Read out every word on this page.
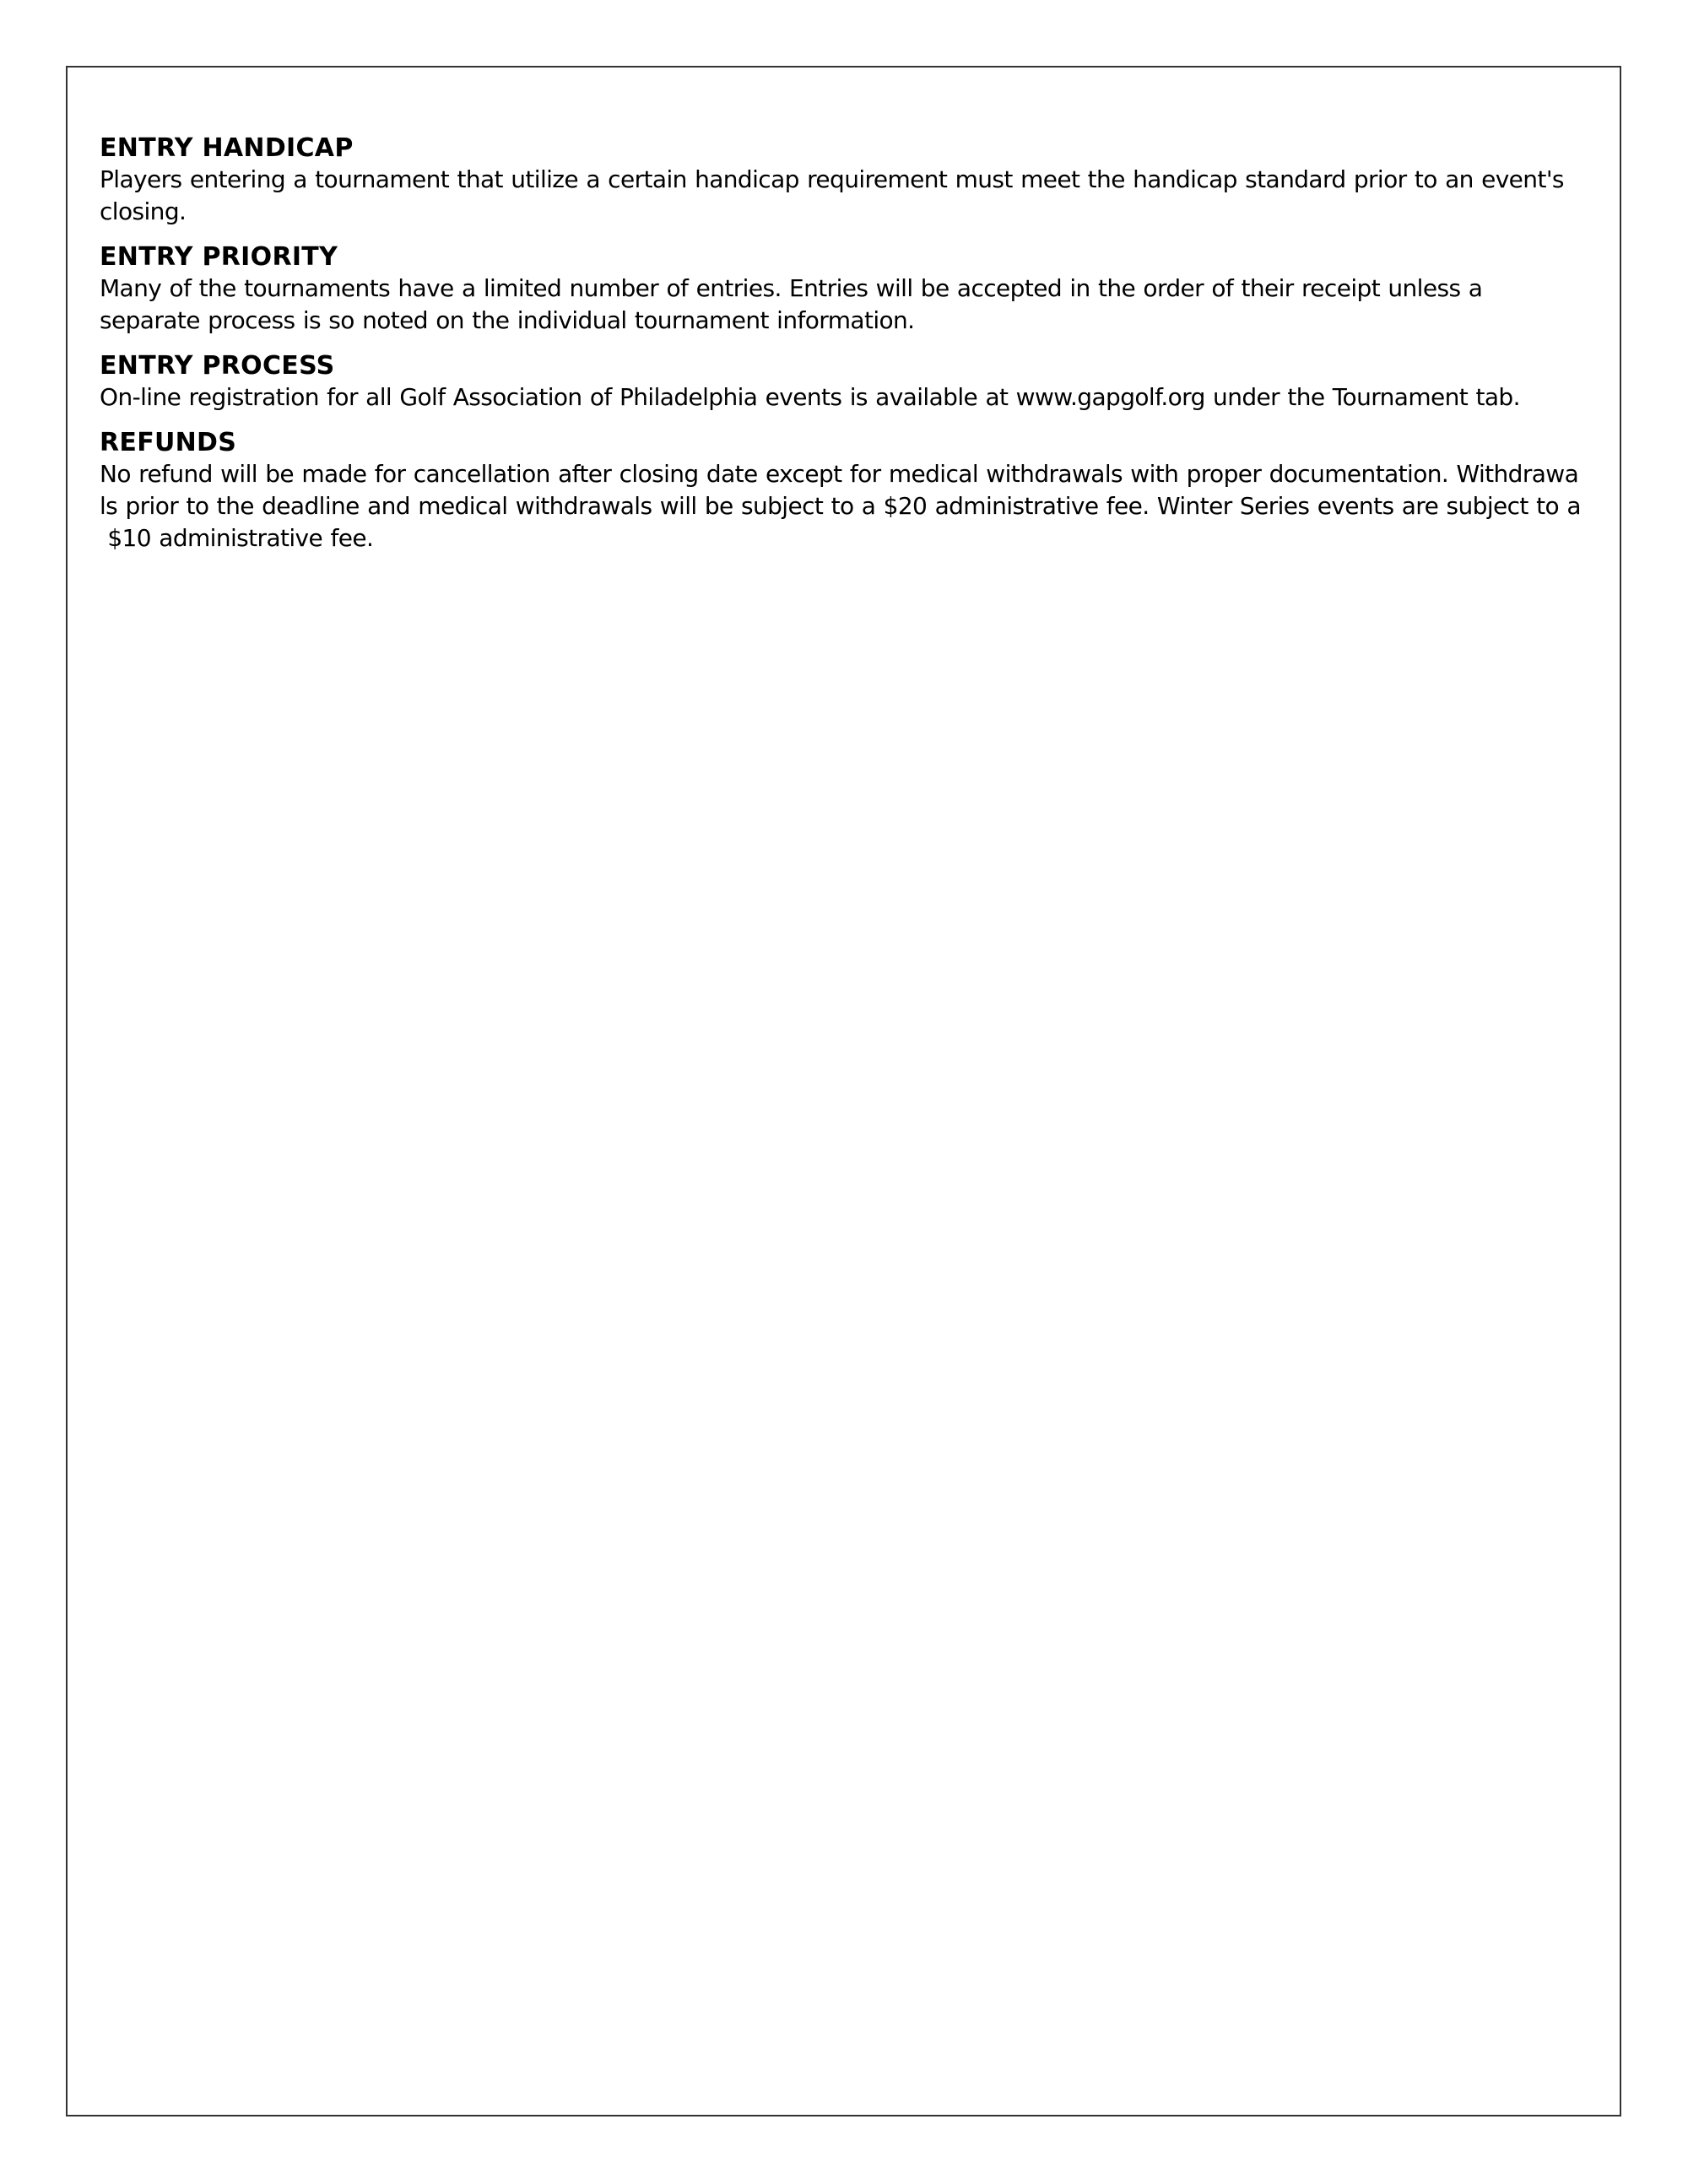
ENTRY HANDICAP
Players entering a tournament that utilize a certain handicap requirement must meet the handicap standard prior to an event's
closing.
ENTRY PRIORITY
Many of the tournaments have a limited number of entries. Entries will be accepted in the order of their receipt unless a
separate process is so noted on the individual tournament information.
ENTRY PROCESS
On-line registration for all Golf Association of Philadelphia events is available at www.gapgolf.org under the Tournament tab.
REFUNDS
No refund will be made for cancellation after closing date except for medical withdrawals with proper documentation. Withdrawa
ls prior to the deadline and medical withdrawals will be subject to a $20 administrative fee. Winter Series events are subject to a
$10 administrative fee.
